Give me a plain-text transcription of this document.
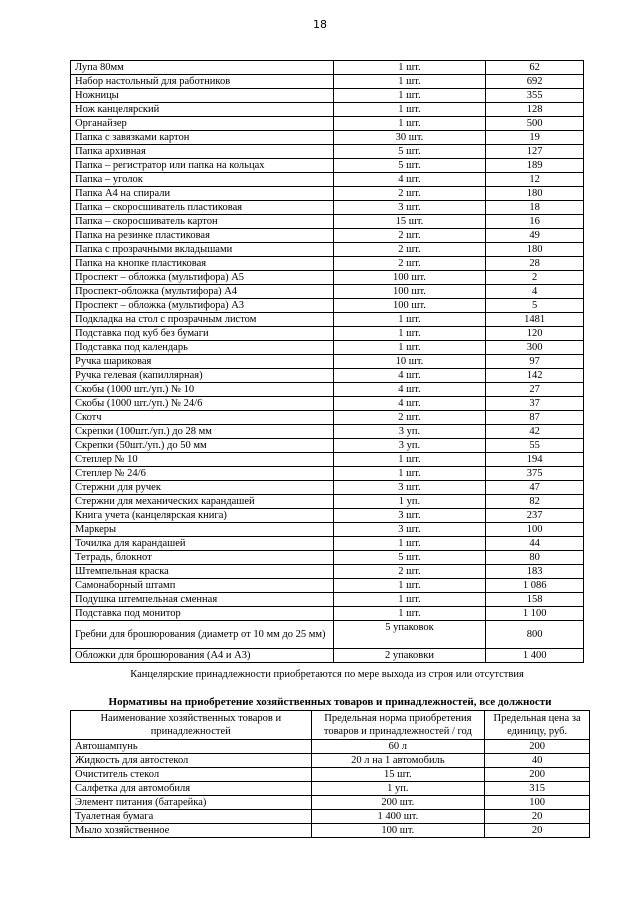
18
Лупа 80мм	1 шт.	62
Набор настольный для работников	1 шт.	692
Ножницы	1 шт.	355
Нож канцелярский	1 шт.	128
Органайзер	1 шт.	500
Папка с завязками картон	30 шт.	19
Папка архивная	5 шт.	127
Папка – регистратор или папка на кольцах	5 шт.	189
Папка – уголок	4 шт.	12
Папка А4 на спирали	2 шт.	180
Папка – скоросшиватель пластиковая	3 шт.	18
Папка – скоросшиватель картон	15 шт.	16
Папка на резинке пластиковая	2 шт.	49
Папка с прозрачными вкладышами	2 шт.	180
Папка на кнопке пластиковая	2 шт.	28
Проспект – обложка (мультифора) А5	100 шт.	2
Проспект-обложка (мультифора) А4	100 шт.	4
Проспект – обложка (мультифора) А3	100 шт.	5
Подкладка на стол с прозрачным листом	1 шт.	1481
Подставка под куб без бумаги	1 шт.	120
Подставка под календарь	1 шт.	300
Ручка шариковая	10 шт.	97
Ручка гелевая (капиллярная)	4 шт.	142
Скобы (1000 шт./уп.) № 10	4 шт.	27
Скобы (1000 шт./уп.) № 24/6	4 шт.	37
Скотч	2 шт.	87
Скрепки (100шт./уп.) до 28 мм	3 уп.	42
Скрепки (50шт./уп.) до 50 мм	3 уп.	55
Степлер № 10	1 шт.	194
Степлер № 24/6	1 шт.	375
Стержни для ручек	3 шт.	47
Стержни для механических карандашей	1 уп.	82
Книга учета (канцелярская книга)	3 шт.	237
Маркеры	3 шт.	100
Точилка для карандашей	1 шт.	44
Тетрадь, блокнот	5 шт.	80
Штемпельная краска	2 шт.	183
Самонаборный штамп	1 шт.	1 086
Подушка штемпельная сменная	1 шт.	158
Подставка под монитор	1 шт.	1 100
Гребни для брошюрования (диаметр от 10 мм до 25 мм)	5 упаковок	800
Обложки для брошюрования (А4 и А3)	2 упаковки	1 400
Канцелярские принадлежности приобретаются по мере выхода из строя или отсутствия
Нормативы на приобретение хозяйственных товаров и принадлежностей, все должности
Наименование хозяйственных товаров и принадлежностей	Предельная норма приобретения товаров и принадлежностей / год	Предельная цена за единицу, руб.
Автошампунь	60 л	200
Жидкость для автостекол	20 л на 1 автомобиль	40
Очиститель стекол	15 шт.	200
Салфетка для автомобиля	1 уп.	315
Элемент питания (батарейка)	200 шт.	100
Туалетная бумага	1 400 шт.	20
Мыло хозяйственное	100 шт.	20
